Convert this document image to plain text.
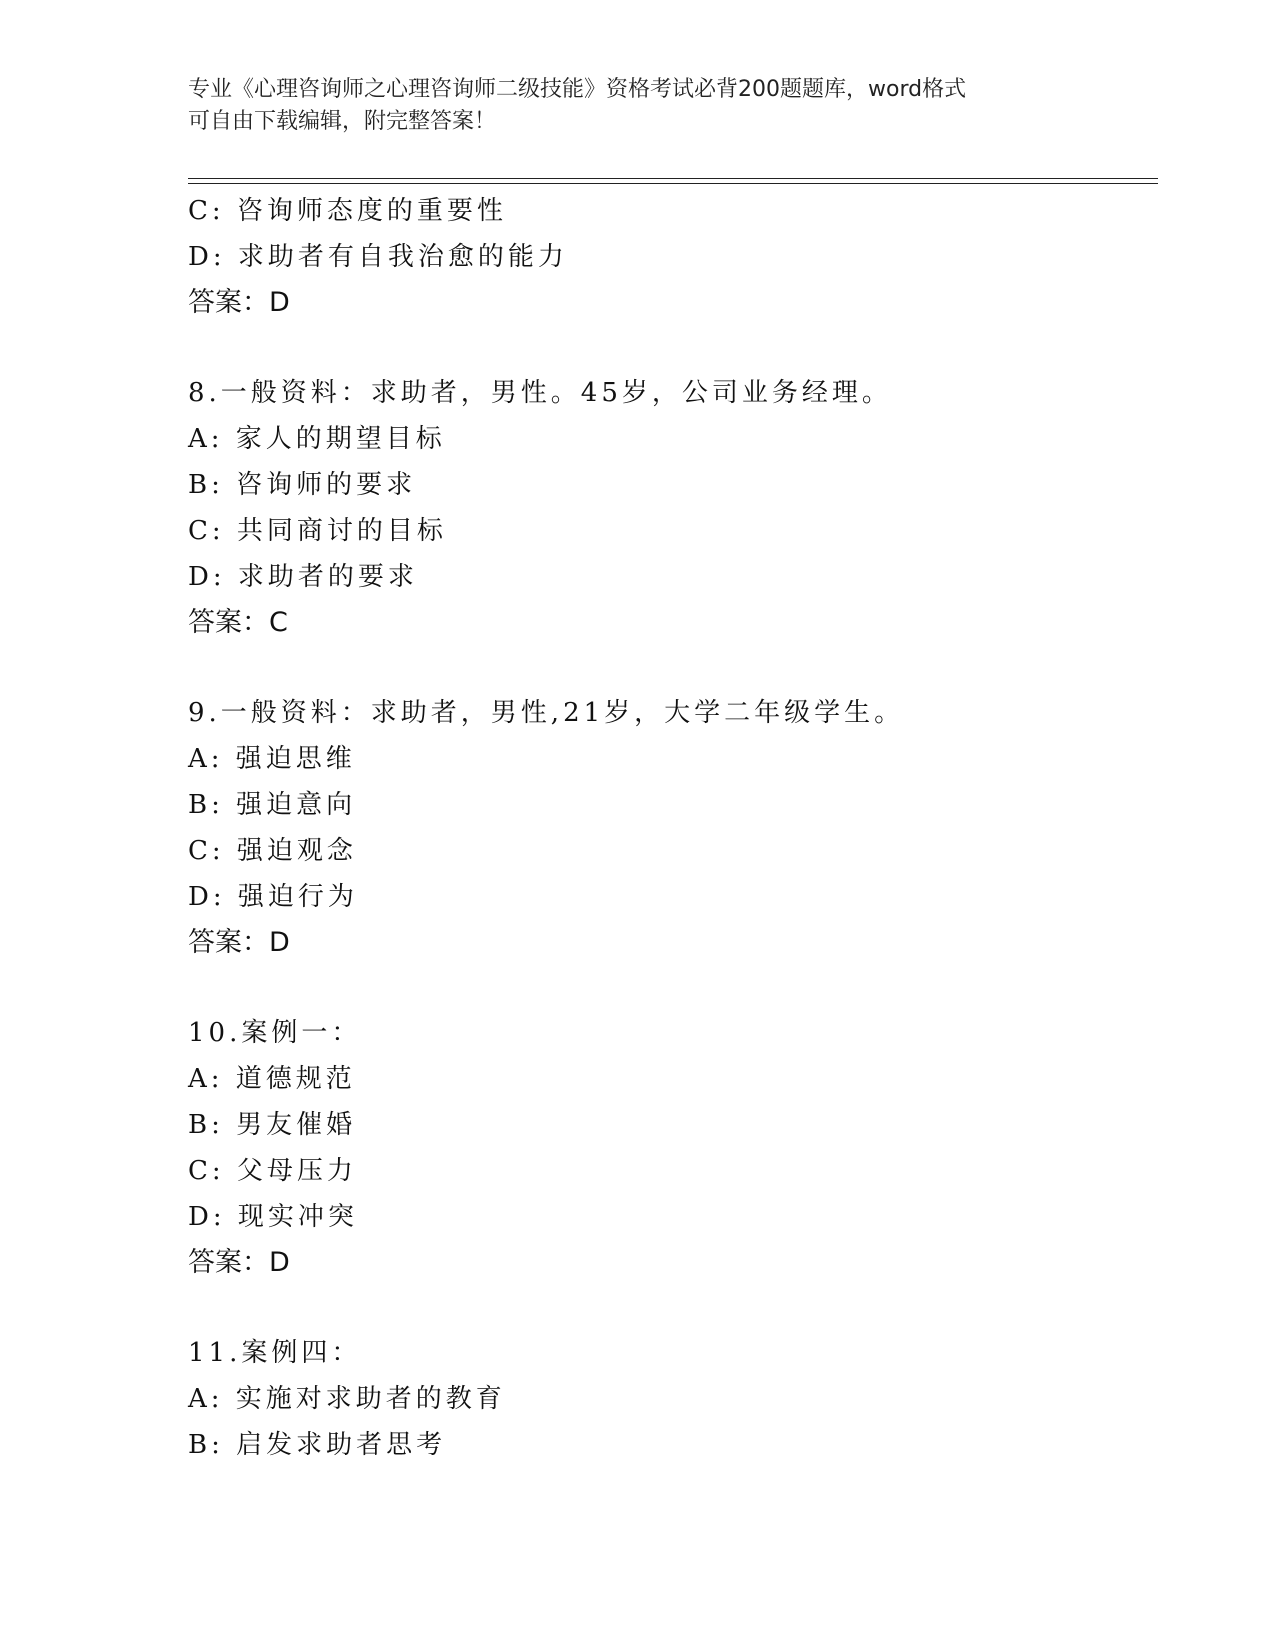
专业《心理咨询师之心理咨询师二级技能》资格考试必背200题题库，word格式
可自由下载编辑，附完整答案！
C: 咨询师态度的重要性
D: 求助者有自我治愈的能力
答案：D
8.一般资料：求助者，男性。45岁，公司业务经理。
A: 家人的期望目标
B: 咨询师的要求
C: 共同商讨的目标
D: 求助者的要求
答案：C
9.一般资料：求助者，男性,21岁，大学二年级学生。
A: 强迫思维
B: 强迫意向
C: 强迫观念
D: 强迫行为
答案：D
10.案例一：
A: 道德规范
B: 男友催婚
C: 父母压力
D: 现实冲突
答案：D
11.案例四：
A: 实施对求助者的教育
B: 启发求助者思考
